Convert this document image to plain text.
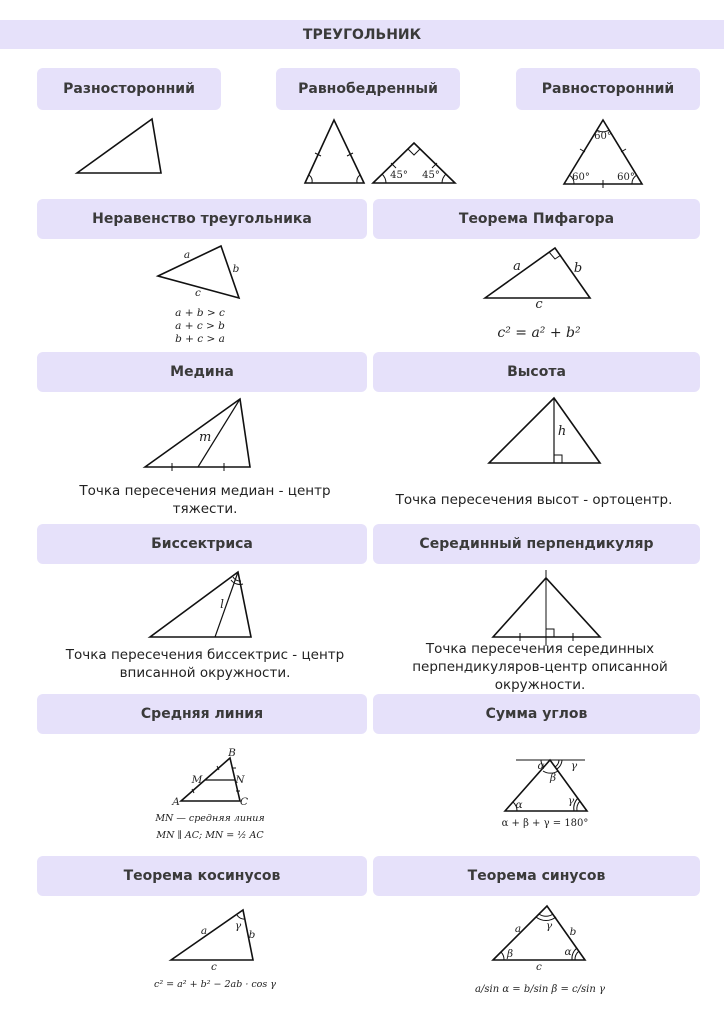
ТРЕУГОЛЬНИК
Разносторонний	Равнобедренный	Равносторонний
45°	45°
60°
60°	60°
Неравенство треугольника	Теорема Пифагора
a
b
c
a + b > c
a + c > b
b + c > a
a	b
c
c² = a² + b²
Медина	Высота
m	h
Точка пересечения медиан - центр тяжести.
Точка пересечения высот - ортоцентр.
Биссектриса	Серединный перпендикуляр
l
Точка пересечения биссектрис - центр вписанной окружности.
Точка пересечения серединных перпендикуляров-центр описанной окружности.
Средняя линия	Сумма углов
B
M	N
A	C
MN — средняя линия
MN ∥ AC; MN = ½ AC
α
β
γ
α	γ
α + β + γ = 180°
Теорема косинусов	Теорема синусов
γ
a	b
c
c² = a² + b² − 2ab · cos γ
γ
a	b
β	α
c
a/sin α = b/sin β = c/sin γ
